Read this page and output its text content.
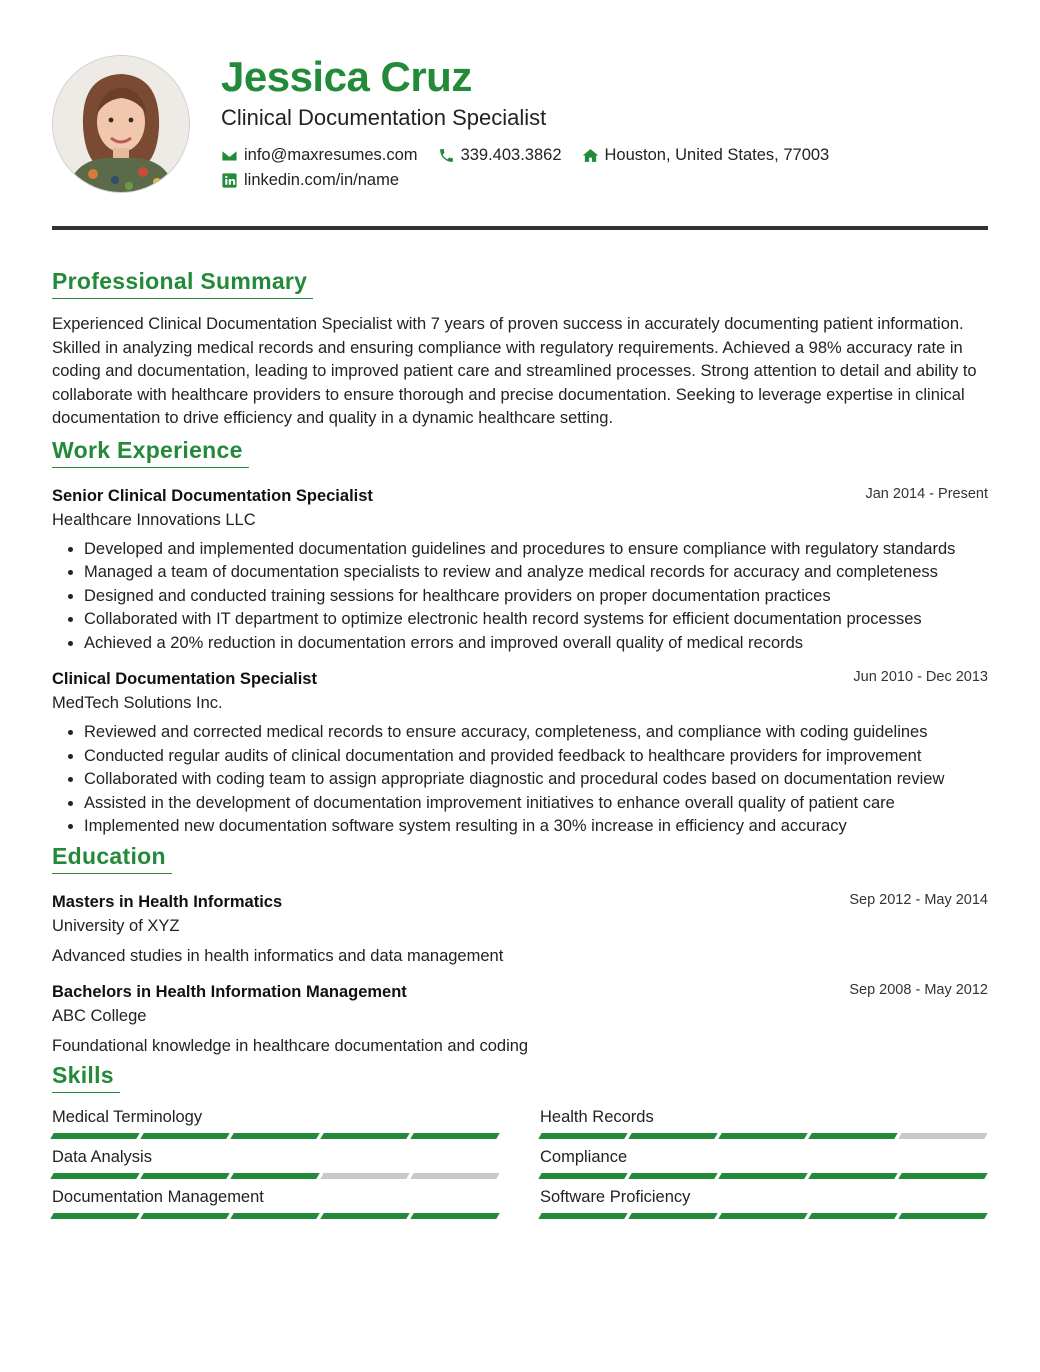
Jessica Cruz
Clinical Documentation Specialist
info@maxresumes.com	339.403.3862	Houston, United States, 77003
linkedin.com/in/name
Professional Summary

Experienced Clinical Documentation Specialist with 7 years of proven success in accurately documenting patient information. Skilled in analyzing medical records and ensuring compliance with regulatory requirements. Achieved a 98% accuracy rate in coding and documentation, leading to improved patient care and streamlined processes. Strong attention to detail and ability to collaborate with healthcare providers to ensure thorough and precise documentation. Seeking to leverage expertise in clinical documentation to drive efficiency and quality in a dynamic healthcare setting.

Work Experience
Senior Clinical Documentation Specialist	Jan 2014 - Present
Healthcare Innovations LLC
• Developed and implemented documentation guidelines and procedures to ensure compliance with regulatory standards
• Managed a team of documentation specialists to review and analyze medical records for accuracy and completeness
• Designed and conducted training sessions for healthcare providers on proper documentation practices
• Collaborated with IT department to optimize electronic health record systems for efficient documentation processes
• Achieved a 20% reduction in documentation errors and improved overall quality of medical records
Clinical Documentation Specialist	Jun 2010 - Dec 2013
MedTech Solutions Inc.
• Reviewed and corrected medical records to ensure accuracy, completeness, and compliance with coding guidelines
• Conducted regular audits of clinical documentation and provided feedback to healthcare providers for improvement
• Collaborated with coding team to assign appropriate diagnostic and procedural codes based on documentation review
• Assisted in the development of documentation improvement initiatives to enhance overall quality of patient care
• Implemented new documentation software system resulting in a 30% increase in efficiency and accuracy
Education
Masters in Health Informatics	Sep 2012 - May 2014
University of XYZ
Advanced studies in health informatics and data management
Bachelors in Health Information Management	Sep 2008 - May 2012
ABC College
Foundational knowledge in healthcare documentation and coding
Skills
Medical Terminology	Health Records
Data Analysis	Compliance
Documentation Management	Software Proficiency
